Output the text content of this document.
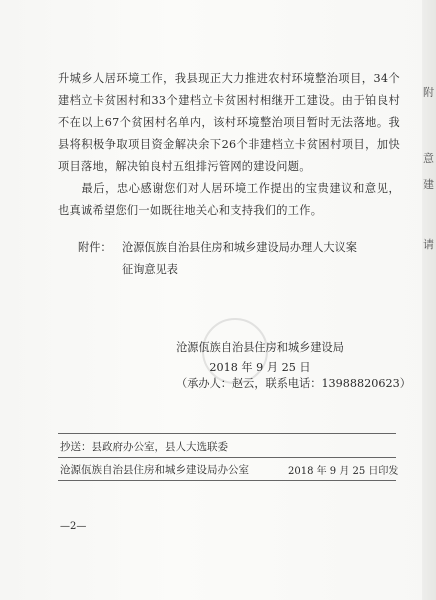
升城乡人居环境工作，我县现正大力推进农村环境整治项目，34个建档立卡贫困村和33个建档立卡贫困村相继开工建设。由于铂良村不在以上67个贫困村名单内，该村环境整治项目暂时无法落地。我县将积极争取项目资金解决余下26个非建档立卡贫困村项目，加快项目落地，解决铂良村五组排污管网的建设问题。

最后，忠心感谢您们对人居环境工作提出的宝贵建议和意见，也真诚希望您们一如既往地关心和支持我们的工作。

附件： 沧源佤族自治县住房和城乡建设局办理人大议案
征询意见表
沧源佤族自治县住房和城乡建设局
2018 年 9 月 25 日
（承办人：赵云，联系电话：13988820623）
抄送：县政府办公室，县人大选联委
沧源佤族自治县住房和城乡建设局办公室	2018 年 9 月 25 日印发
—2—
附
意
建
请
